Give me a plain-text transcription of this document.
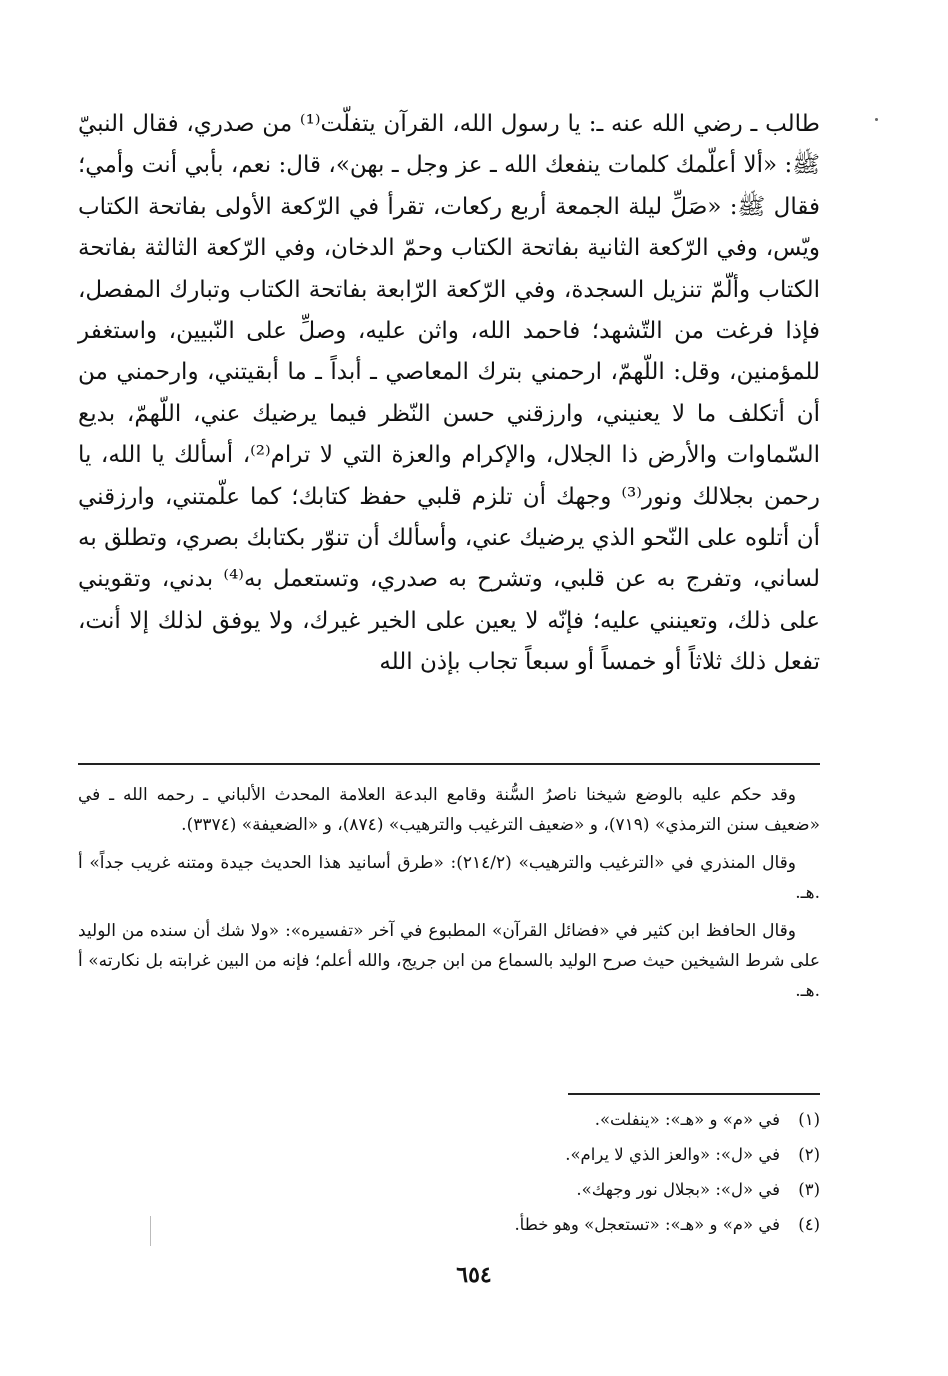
طالب ـ رضي الله عنه ـ: يا رسول الله، القرآن يتفلّت⁽¹⁾ من صدري، فقال النبيّ ﷺ: «ألا أعلّمك كلمات ينفعك الله ـ عز وجل ـ بهن»، قال: نعم، بأبي أنت وأمي؛ فقال ﷺ: «صَلِّ ليلة الجمعة أربع ركعات، تقرأ في الرّكعة الأولى بفاتحة الكتاب ويّس، وفي الرّكعة الثانية بفاتحة الكتاب وحمّ الدخان، وفي الرّكعة الثالثة بفاتحة الكتاب وألّمّ تنزيل السجدة، وفي الرّكعة الرّابعة بفاتحة الكتاب وتبارك المفصل، فإذا فرغت من التّشهد؛ فاحمد الله، واثن عليه، وصلِّ على النّبيين، واستغفر للمؤمنين، وقل: اللّهمّ، ارحمني بترك المعاصي ـ أبداً ـ ما أبقيتني، وارحمني من أن أتكلف ما لا يعنيني، وارزقني حسن النّظر فيما يرضيك عني، اللّهمّ، بديع السّماوات والأرض ذا الجلال، والإكرام والعزة التي لا ترام⁽²⁾، أسألك يا الله، يا رحمن بجلالك ونور⁽³⁾ وجهك أن تلزم قلبي حفظ كتابك؛ كما علّمتني، وارزقني أن أتلوه على النّحو الذي يرضيك عني، وأسألك أن تنوّر بكتابك بصري، وتطلق به لساني، وتفرج به عن قلبي، وتشرح به صدري، وتستعمل به⁽⁴⁾ بدني، وتقويني على ذلك، وتعينني عليه؛ فإنّه لا يعين على الخير غيرك، ولا يوفق لذلك إلا أنت، تفعل ذلك ثلاثاً أو خمساً أو سبعاً تجاب بإذن الله

وقد حكم عليه بالوضع شيخنا ناصرُ السُّنة وقامع البدعة العلامة المحدث الألباني ـ رحمه الله ـ في «ضعيف سنن الترمذي» (٧١٩)، و «ضعيف الترغيب والترهيب» (٨٧٤)، و «الضعيفة» (٣٣٧٤).

وقال المنذري في «الترغيب والترهيب» (٢١٤/٢): «طرق أسانيد هذا الحديث جيدة ومتنه غريب جداً» أ .هـ.

وقال الحافظ ابن كثير في «فضائل القرآن» المطبوع في آخر «تفسيره»: «ولا شك أن سنده من الوليد على شرط الشيخين حيث صرح الوليد بالسماع من ابن جريج، والله أعلم؛ فإنه من البين غرابته بل نكارته» أ .هـ.

(١)
في «م» و «هـ»: «ينفلت».
(٢)
في «ل»: «والعز الذي لا يرام».
(٣)
في «ل»: «بجلال نور وجهك».
(٤)
في «م» و «هـ»: «تستعجل» وهو خطأ.
٦٥٤
